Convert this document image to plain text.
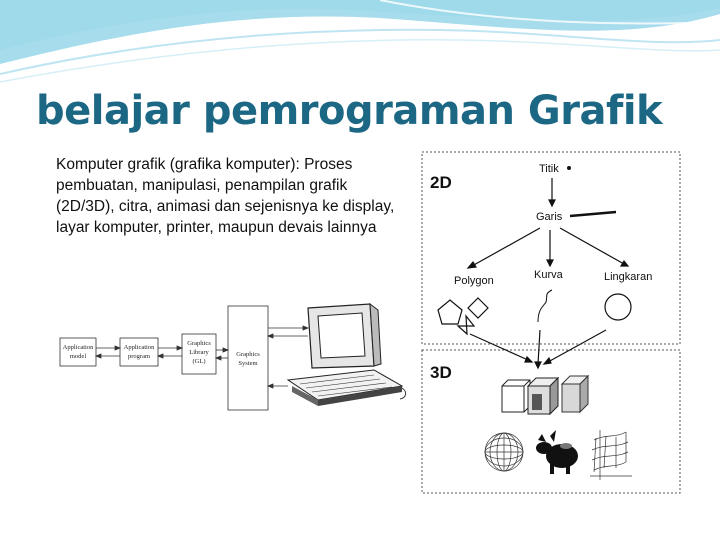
belajar pemrograman Grafik
Komputer grafik (grafika komputer): Proses pembuatan, manipulasi, penampilan grafik (2D/3D), citra, animasi dan sejenisnya ke display, layar komputer, printer, maupun devais lainnya
Application
model
Application
program
Graphics
Library
(GL)
Graphics
System
2D
3D
Titik
Garis
Polygon	Kurva	Lingkaran
